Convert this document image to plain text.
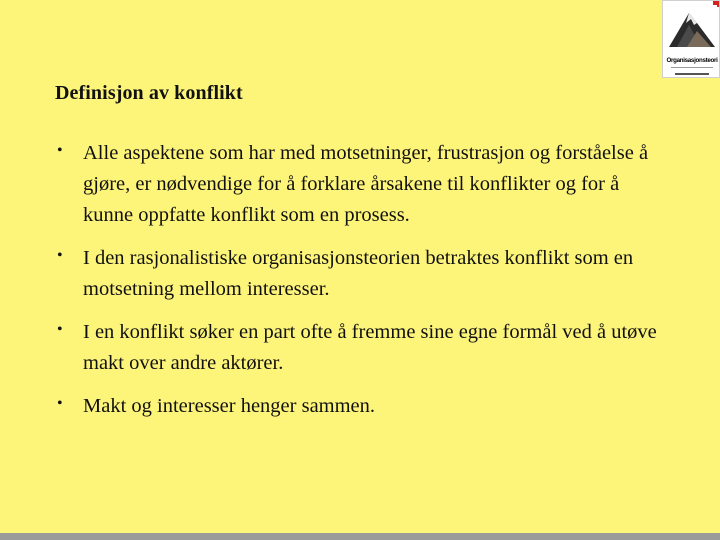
Definisjon av konflikt
• Alle aspektene som har med motsetninger, frustrasjon og forståelse å gjøre, er nødvendige for å forklare årsakene til konflikter og for å kunne oppfatte konflikt som en prosess.
• I den rasjonalistiske organisasjonsteorien betraktes konflikt som en motsetning mellom interesser.
• I en konflikt søker en part ofte å fremme sine egne formål ved å utøve makt over andre aktører.
• Makt og interesser henger sammen.
Organisasjonsteori
